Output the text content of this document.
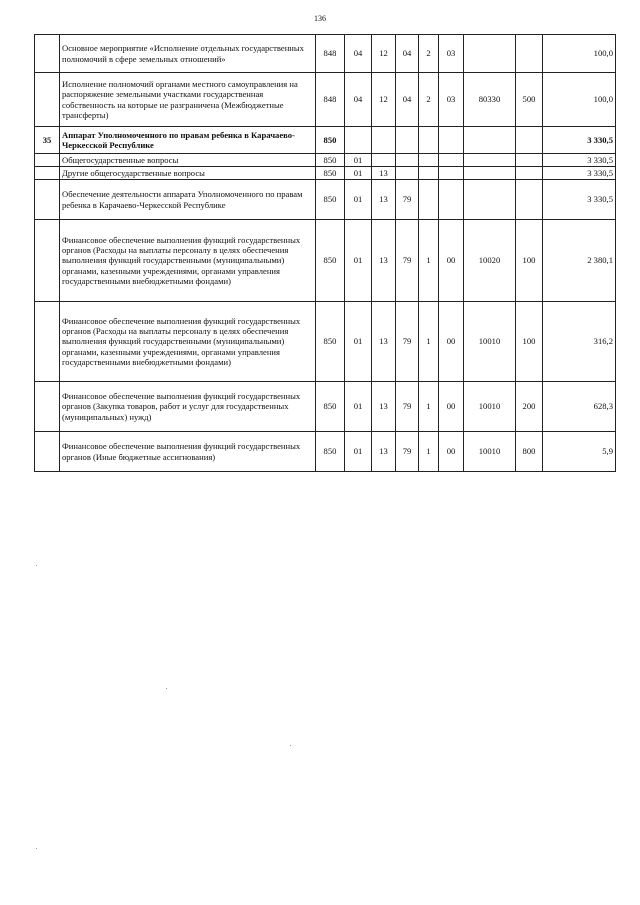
136
	Основное мероприятие «Исполнение отдельных государственных полномочий в сфере земельных отношений»	848	04	12	04	2	03			100,0
	Исполнение полномочий органами местного самоуправления на распоряжение земельными участками государственная собственность на которые не разграничена (Межбюджетные трансферты)	848	04	12	04	2	03	80330	500	100,0
35	Аппарат Уполномоченного по правам ребенка в Карачаево-Черкесской Республике	850								3 330,5
	Общегосударственные вопросы	850	01							3 330,5
	Другие общегосударственные вопросы	850	01	13						3 330,5
	Обеспечение деятельности аппарата Уполномоченного по правам ребенка в Карачаево-Черкесской Республике	850	01	13	79					3 330,5
	Финансовое обеспечение выполнения функций государственных органов (Расходы на выплаты персоналу в целях обеспечения выполнения функций государственными (муниципальными) органами, казенными учреждениями, органами управления государственными внебюджетными фондами)	850	01	13	79	1	00	10020	100	2 380,1
	Финансовое обеспечение выполнения функций государственных органов (Расходы на выплаты персоналу в целях обеспечения выполнения функций государственными (муниципальными) органами, казенными учреждениями, органами управления государственными внебюджетными фондами)	850	01	13	79	1	00	10010	100	316,2
	Финансовое обеспечение выполнения функций государственных органов (Закупка товаров, работ и услуг для государственных (муниципальных) нужд)	850	01	13	79	1	00	10010	200	628,3
	Финансовое обеспечение выполнения функций государственных органов (Иные бюджетные ассигнования)	850	01	13	79	1	00	10010	800	5,9
